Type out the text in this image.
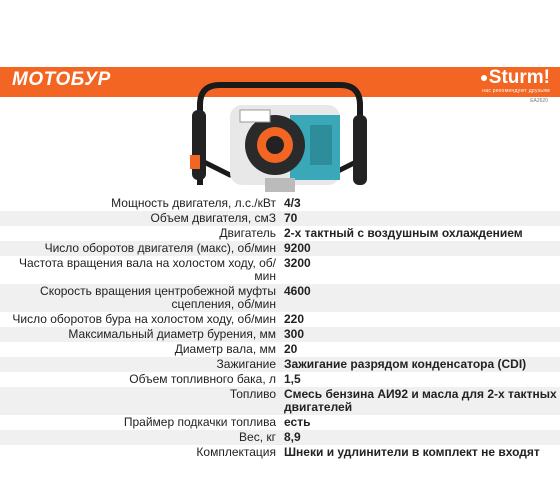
МОТОБУР	Sturm!
нас рекомендуют друзьям
EA2620
Мощность двигателя, л.с./кВт 4/3
Объем двигателя, смЗ 70
Двигатель 2-х тактный с воздушным охлаждением
Число оборотов двигателя (макс), об/мин 9200
Частота вращения вала на холостом ходу, об/мин
3200
Скорость вращения центробежной муфты сцепления, об/мин
4600
Число оборотов бура на холостом ходу, об/мин 220
Максимальный диаметр бурения, мм 300
Диаметр вала, мм 20
Зажигание Зажигание разрядом конденсатора (CDI)
Объем топливного бака, л 1,5
Топливо Смесь бензина АИ92 и масла для 2-х тактных двигателей
Праймер подкачки топлива есть
Вес, кг 8,9
Комплектация Шнеки и удлинители в комплект не входят
